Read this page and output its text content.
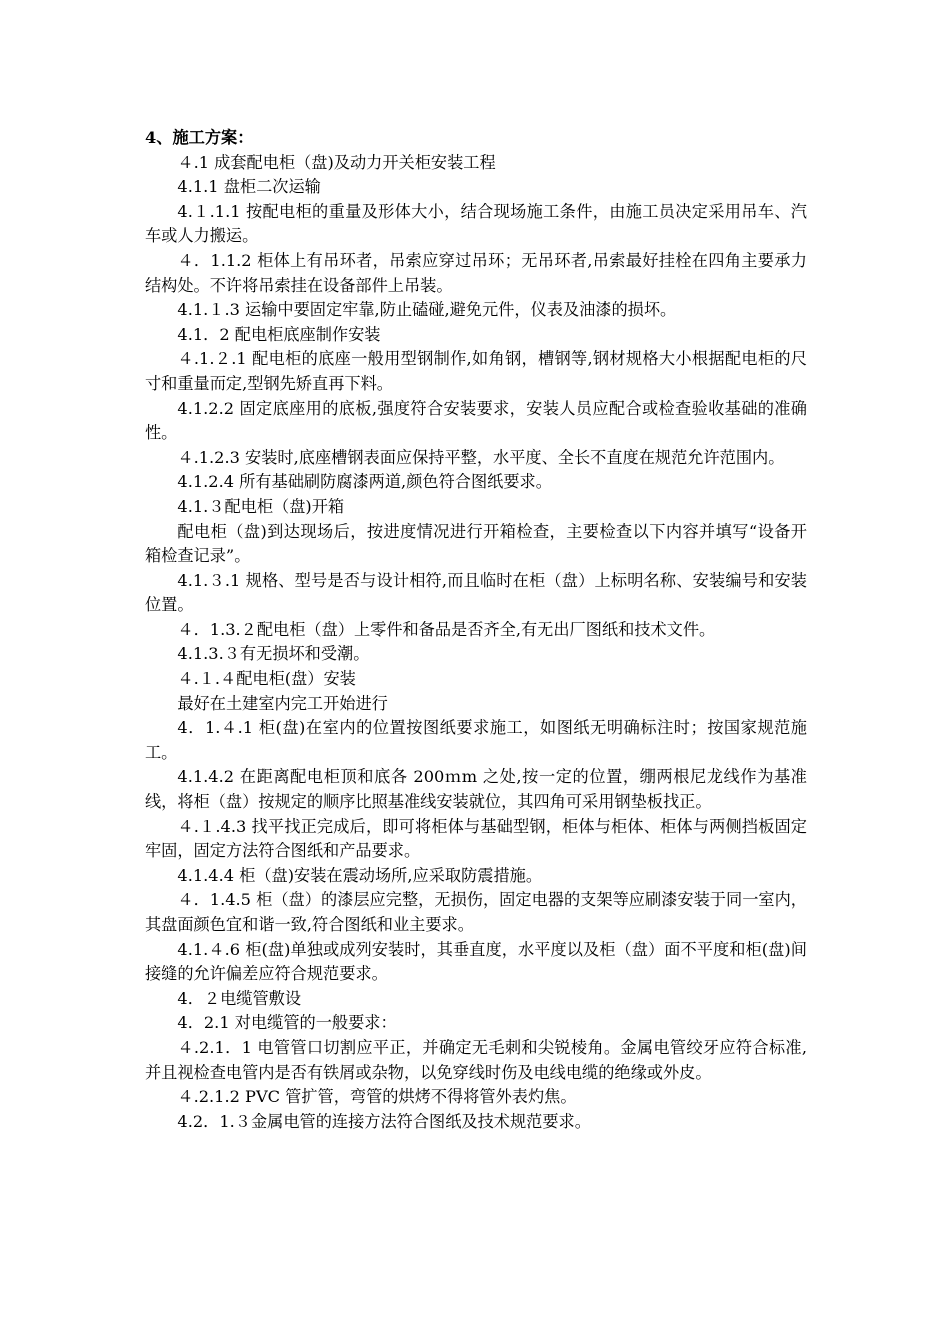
4、施工方案：

４.1 成套配电柜（盘)及动力开关柜安装工程

4.1.1 盘柜二次运输

4.１.1.1 按配电柜的重量及形体大小，结合现场施工条件，由施工员决定采用吊车、汽车或人力搬运。

４．1.1.2 柜体上有吊环者，吊索应穿过吊环；无吊环者,吊索最好挂栓在四角主要承力结构处。不许将吊索挂在设备部件上吊装。

4.1.１.3 运输中要固定牢靠,防止磕碰,避免元件，仪表及油漆的损坏。

4.1．2 配电柜底座制作安装

４.1.２.1 配电柜的底座一般用型钢制作,如角钢，槽钢等,钢材规格大小根据配电柜的尺寸和重量而定,型钢先矫直再下料。

4.1.2.2 固定底座用的底板,强度符合安装要求，安装人员应配合或检查验收基础的准确性。

４.1.2.3 安装时,底座槽钢表面应保持平整，水平度、全长不直度在规范允许范围内。

4.1.2.4 所有基础刷防腐漆两道,颜色符合图纸要求。

4.1.３配电柜（盘)开箱

配电柜（盘)到达现场后，按进度情况进行开箱检查，主要检查以下内容并填写“设备开箱检查记录”。

4.1.３.1 规格、型号是否与设计相符,而且临时在柜（盘）上标明名称、安装编号和安装位置。

４．1.3.２配电柜（盘）上零件和备品是否齐全,有无出厂图纸和技术文件。

4.1.3.３有无损坏和受潮。

４.１.４配电柜(盘）安装

最好在土建室内完工开始进行

4．1.４.1 柜(盘)在室内的位置按图纸要求施工，如图纸无明确标注时；按国家规范施工。

4.1.4.2 在距离配电柜顶和底各 200ｍm 之处,按一定的位置，绷两根尼龙线作为基准线，将柜（盘）按规定的顺序比照基准线安装就位，其四角可采用钢垫板找正。

４.１.4.3 找平找正完成后，即可将柜体与基础型钢，柜体与柜体、柜体与两侧挡板固定牢固，固定方法符合图纸和产品要求。

4.1.4.4 柜（盘)安装在震动场所,应采取防震措施。

４．1.4.5 柜（盘）的漆层应完整，无损伤，固定电器的支架等应刷漆安装于同一室内，其盘面颜色宜和谐一致,符合图纸和业主要求。

4.1.４.6 柜(盘)单独或成列安装时，其垂直度，水平度以及柜（盘）面不平度和柜(盘)间接缝的允许偏差应符合规范要求。

4．２电缆管敷设

4．2.1 对电缆管的一般要求：

４.2.1．1 电管管口切割应平正，并确定无毛刺和尖锐棱角。金属电管绞牙应符合标准,并且视检查电管内是否有铁屑或杂物，以免穿线时伤及电线电缆的绝缘或外皮。

４.2.1.2 PVC 管扩管，弯管的烘烤不得将管外表灼焦。

4.2．1.３金属电管的连接方法符合图纸及技术规范要求。
